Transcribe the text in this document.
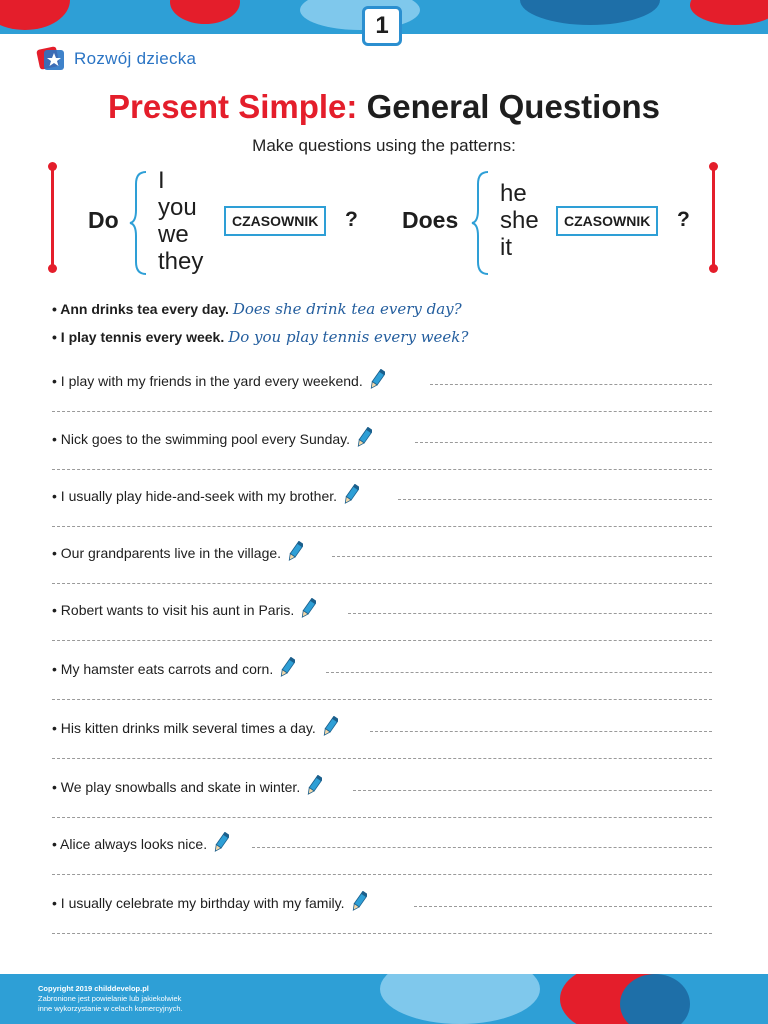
1
Rozwój dziecka
Present Simple: General Questions
Make questions using the patterns:
Do
I
you
we
they
CZASOWNIK	? Does
he
she
it
CZASOWNIK	?
• Ann drinks tea every day. Does she drink tea every day?
• I play tennis every week. Do you play tennis every week?
• I play with my friends in the yard every weekend.
• Nick goes to the swimming pool every Sunday.
• I usually play hide-and-seek with my brother.
• Our grandparents live in the village.
• Robert wants to visit his aunt in Paris.
• My hamster eats carrots and corn.
• His kitten drinks milk several times a day.
• We play snowballs and skate in winter.
• Alice always looks nice.
• I usually celebrate my birthday with my family.
Copyright 2019 childdevelop.pl
Zabronione jest powielanie lub jakiekolwiek
inne wykorzystanie w celach komercyjnych.
